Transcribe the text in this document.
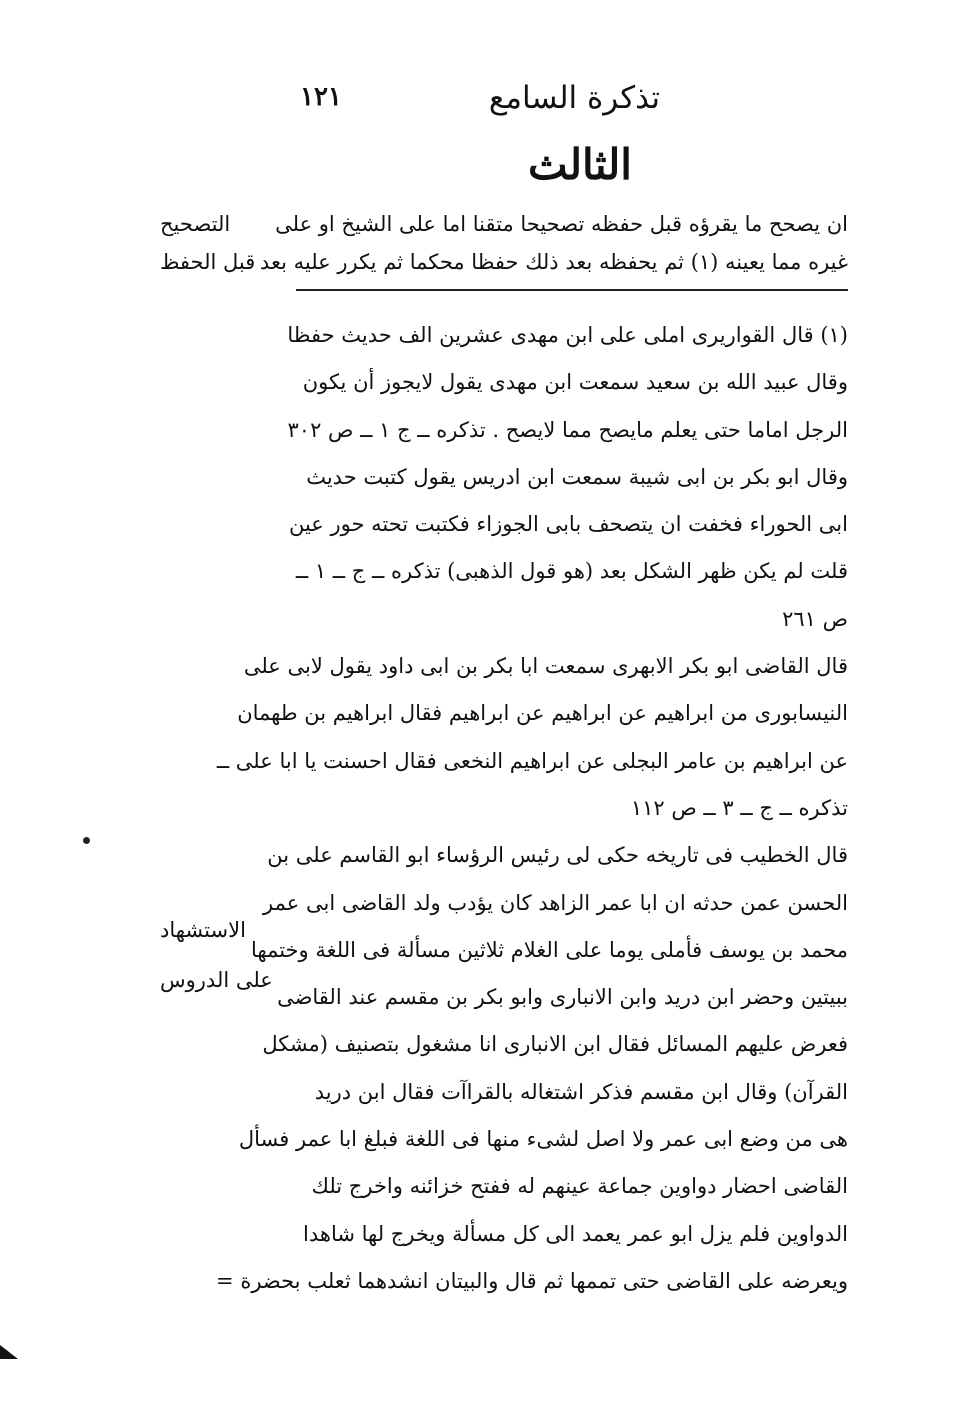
تذكرة السامع
١٢١
الثالث
ان يصحح ما يقرؤه قبل حفظه تصحيحا متقنا اما على الشيخ او على
غيره مما يعينه (١) ثم يحفظه بعد ذلك حفظا محكما ثم يكرر عليه بعد
التصحيح
قبل الحفظ
(١) قال القواريرى املى على ابن مهدى عشرين الف حديث حفظا
وقال عبيد الله بن سعيد سمعت ابن مهدى يقول لايجوز أن يكون
الرجل اماما حتى يعلم مايصح مما لايصح . تذكره ــ ج ١ ــ ص ٣٠٢
وقال ابو بكر بن ابى شيبة سمعت ابن ادريس يقول كتبت حديث
ابى الحوراء فخفت ان يتصحف بابى الجوزاء فكتبت تحته حور عين
قلت لم يكن ظهر الشكل بعد (هو قول الذهبى) تذكره ــ ج ــ ١ ــ
ص ٢٦١
قال القاضى ابو بكر الابهرى سمعت ابا بكر بن ابى داود يقول لابى على
النيسابورى من ابراهيم عن ابراهيم عن ابراهيم فقال ابراهيم بن طهمان
عن ابراهيم بن عامر البجلى عن ابراهيم النخعى فقال احسنت يا ابا على ــ
تذكره ــ ج ــ ٣ ــ ص ١١٢
قال الخطيب فى تاريخه حكى لى رئيس الرؤساء ابو القاسم على بن
الحسن عمن حدثه ان ابا عمر الزاهد كان يؤدب ولد القاضى ابى عمر
محمد بن يوسف فأملى يوما على الغلام ثلاثين مسألة فى اللغة وختمها
ببيتين وحضر ابن دريد وابن الانبارى وابو بكر بن مقسم عند القاضى
فعرض عليهم المسائل فقال ابن الانبارى انا مشغول بتصنيف (مشكل
القرآن) وقال ابن مقسم فذكر اشتغاله بالقراآت فقال ابن دريد
هى من وضع ابى عمر ولا اصل لشىء منها فى اللغة فبلغ ابا عمر فسأل
القاضى احضار دواوين جماعة عينهم له ففتح خزائنه واخرج تلك
الدواوين فلم يزل ابو عمر يعمد الى كل مسألة ويخرج لها شاهدا
ويعرضه على القاضى حتى تممها ثم قال والبيتان انشدهما ثعلب بحضرة =
الاستشهاد
على الدروس
